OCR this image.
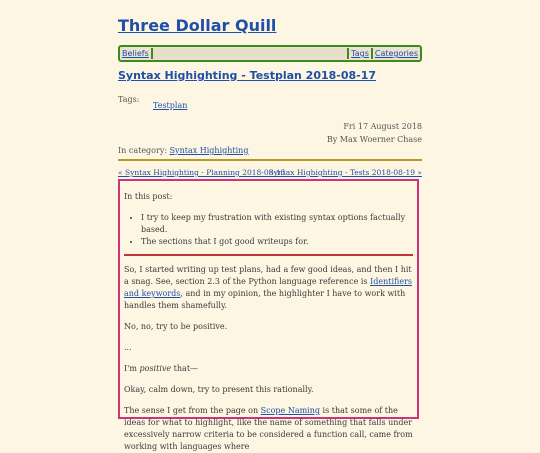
Three Dollar Quill
Beliefs	Tags Categories
Syntax Highighting - Testplan 2018-08-17
Tags:
Testplan
Fri 17 August 2018
By Max Woerner Chase
In category: Syntax Highighting
« Syntax Highighting - Planning 2018-08-15
Syntax Highighting - Tests 2018-08-19 »

In this post:

• I try to keep my frustration with existing syntax options factually based.
• The sections that I got good writeups for.

So, I started writing up test plans, had a few good ideas, and then I hit a snag. See, section 2.3 of the Python language reference is Identifiers and keywords, and in my opinion, the highlighter I have to work with handles them shamefully.

No, no, try to be positive.

...

I'm positive that—

Okay, calm down, try to present this rationally.

The sense I get from the page on Scope Naming is that some of the ideas for what to highlight, like the name of something that falls under excessively narrow criteria to be considered a function call, came from working with languages where
